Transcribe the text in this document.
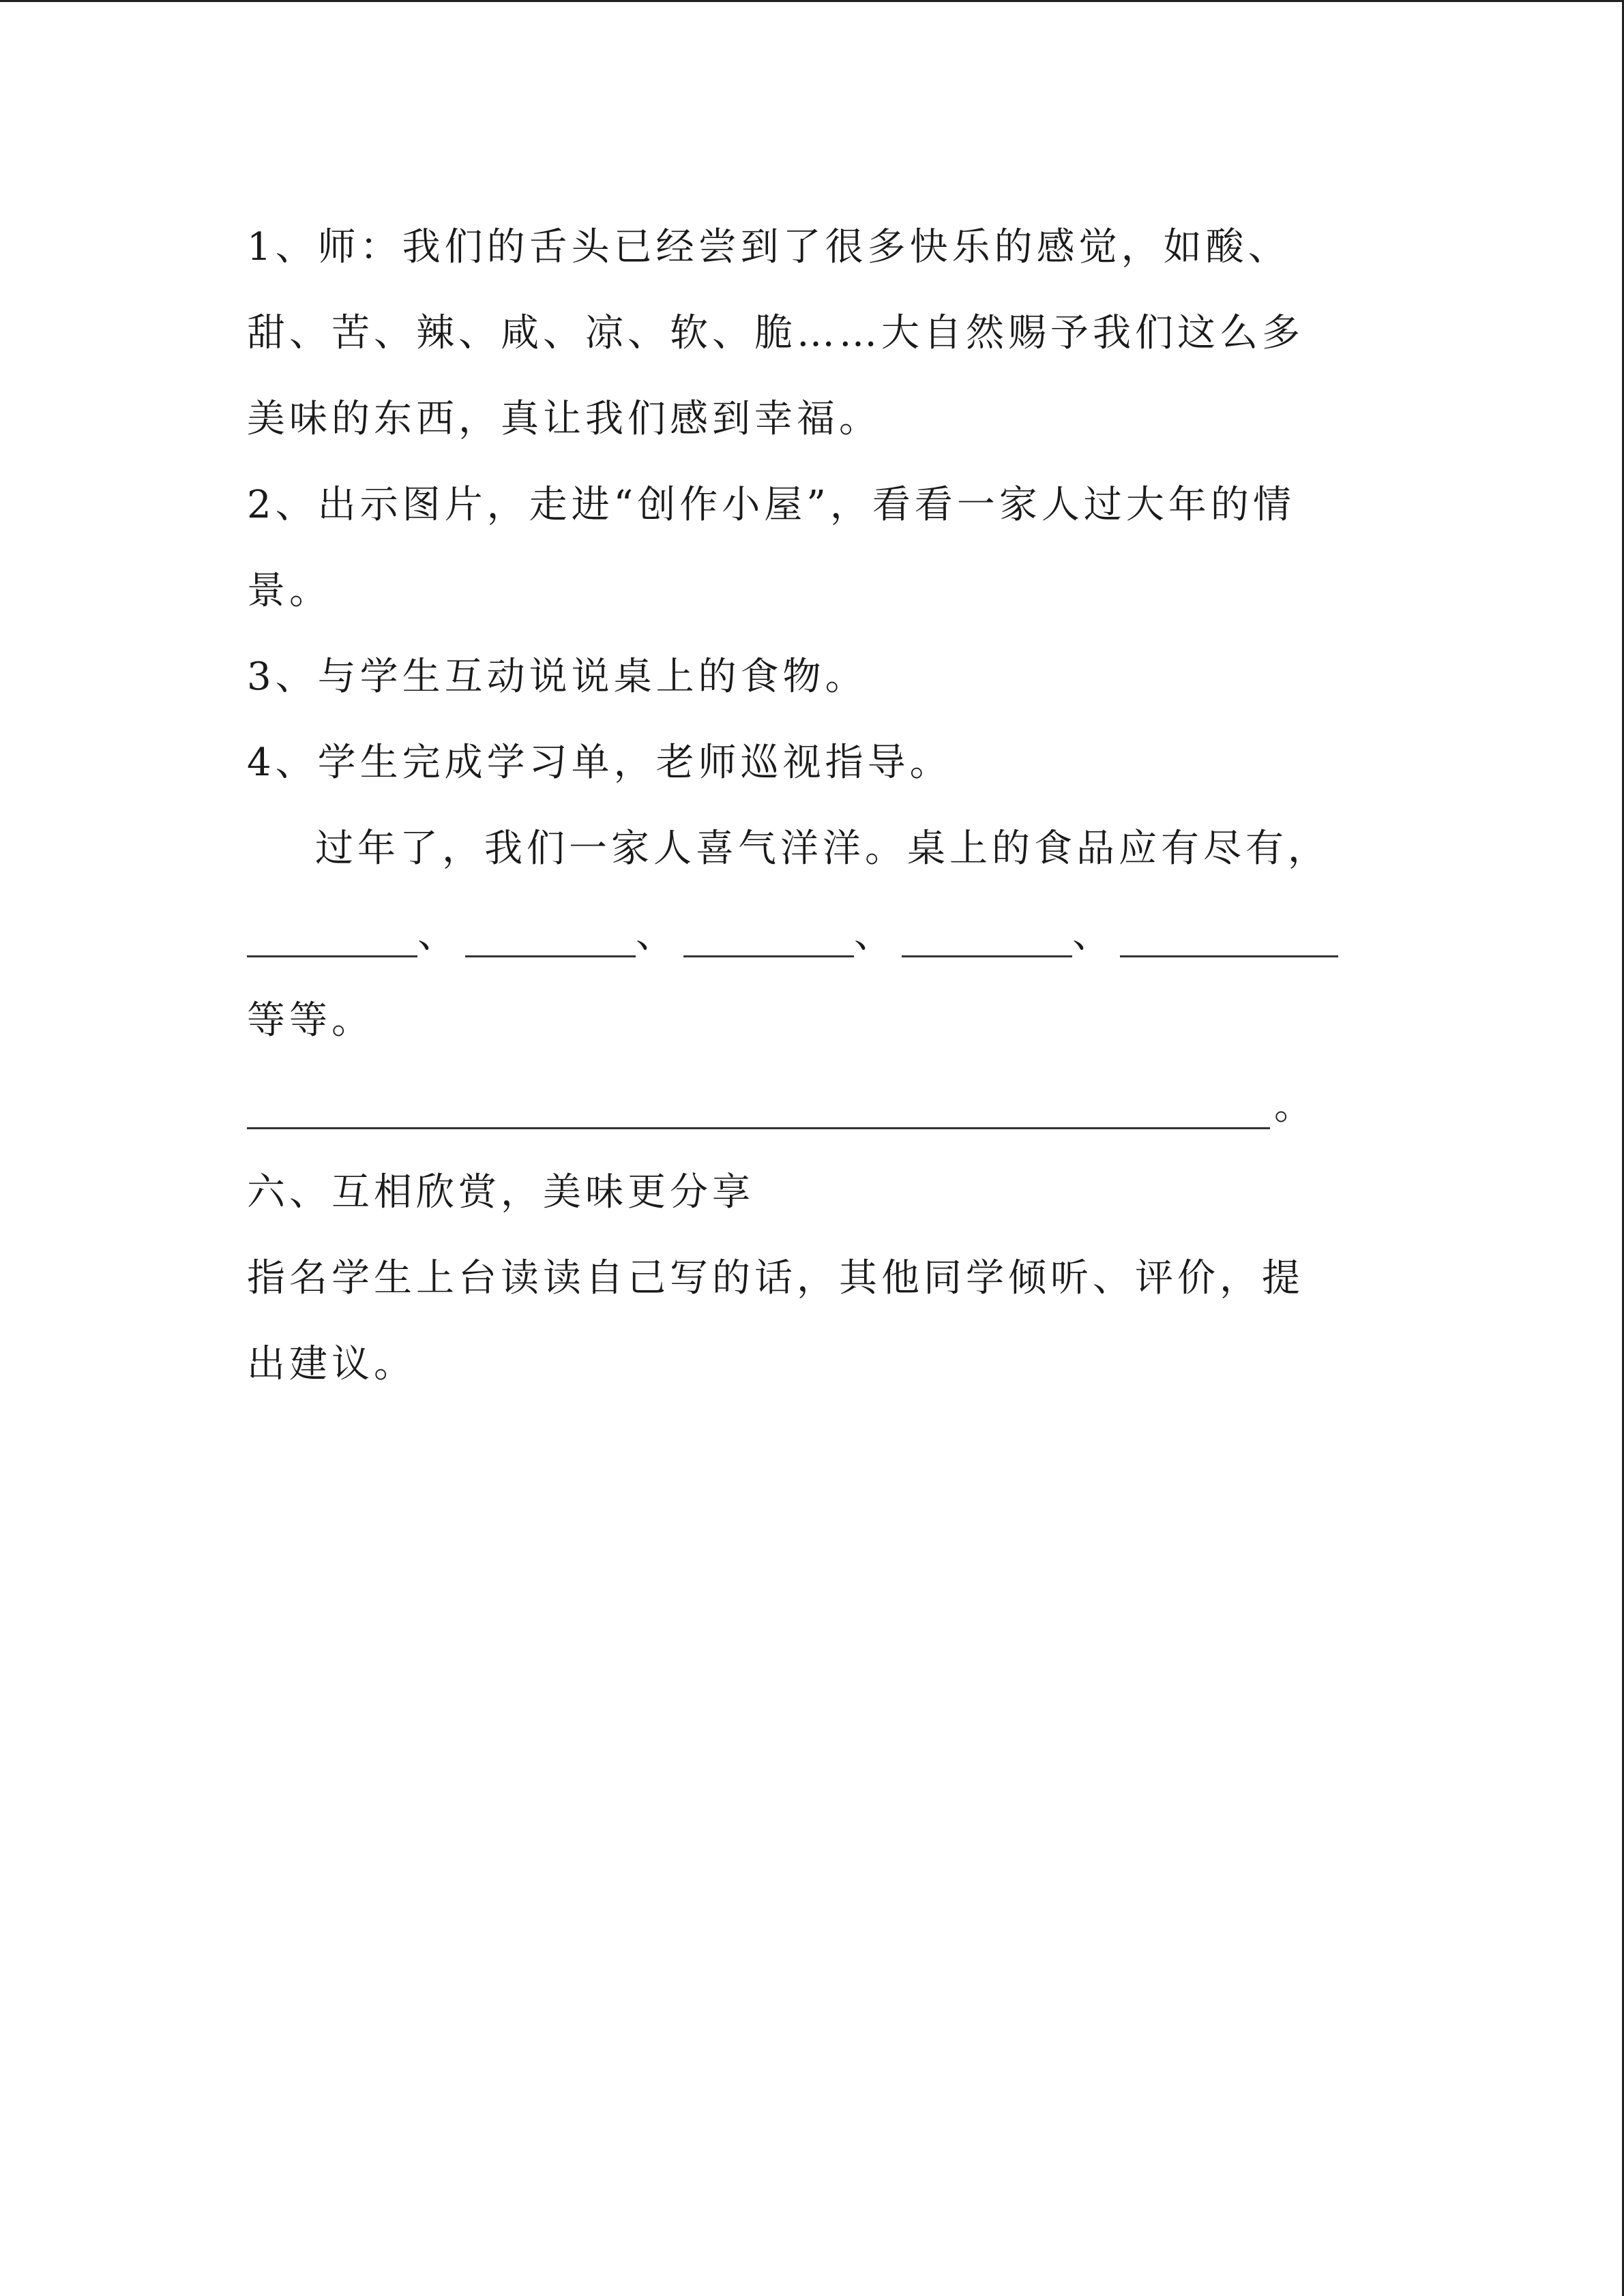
1、师：我们的舌头已经尝到了很多快乐的感觉，如酸、
甜、苦、辣、咸、凉、软、脆……大自然赐予我们这么多
美味的东西，真让我们感到幸福。
2、出示图片，走进“创作小屋”，看看一家人过大年的情
景。
3、与学生互动说说桌上的食物。
4、学生完成学习单，老师巡视指导。
过年了，我们一家人喜气洋洋。桌上的食品应有尽有，
、	、	、	、
等等。
。
六、互相欣赏，美味更分享
指名学生上台读读自己写的话，其他同学倾听、评价，提
出建议。
